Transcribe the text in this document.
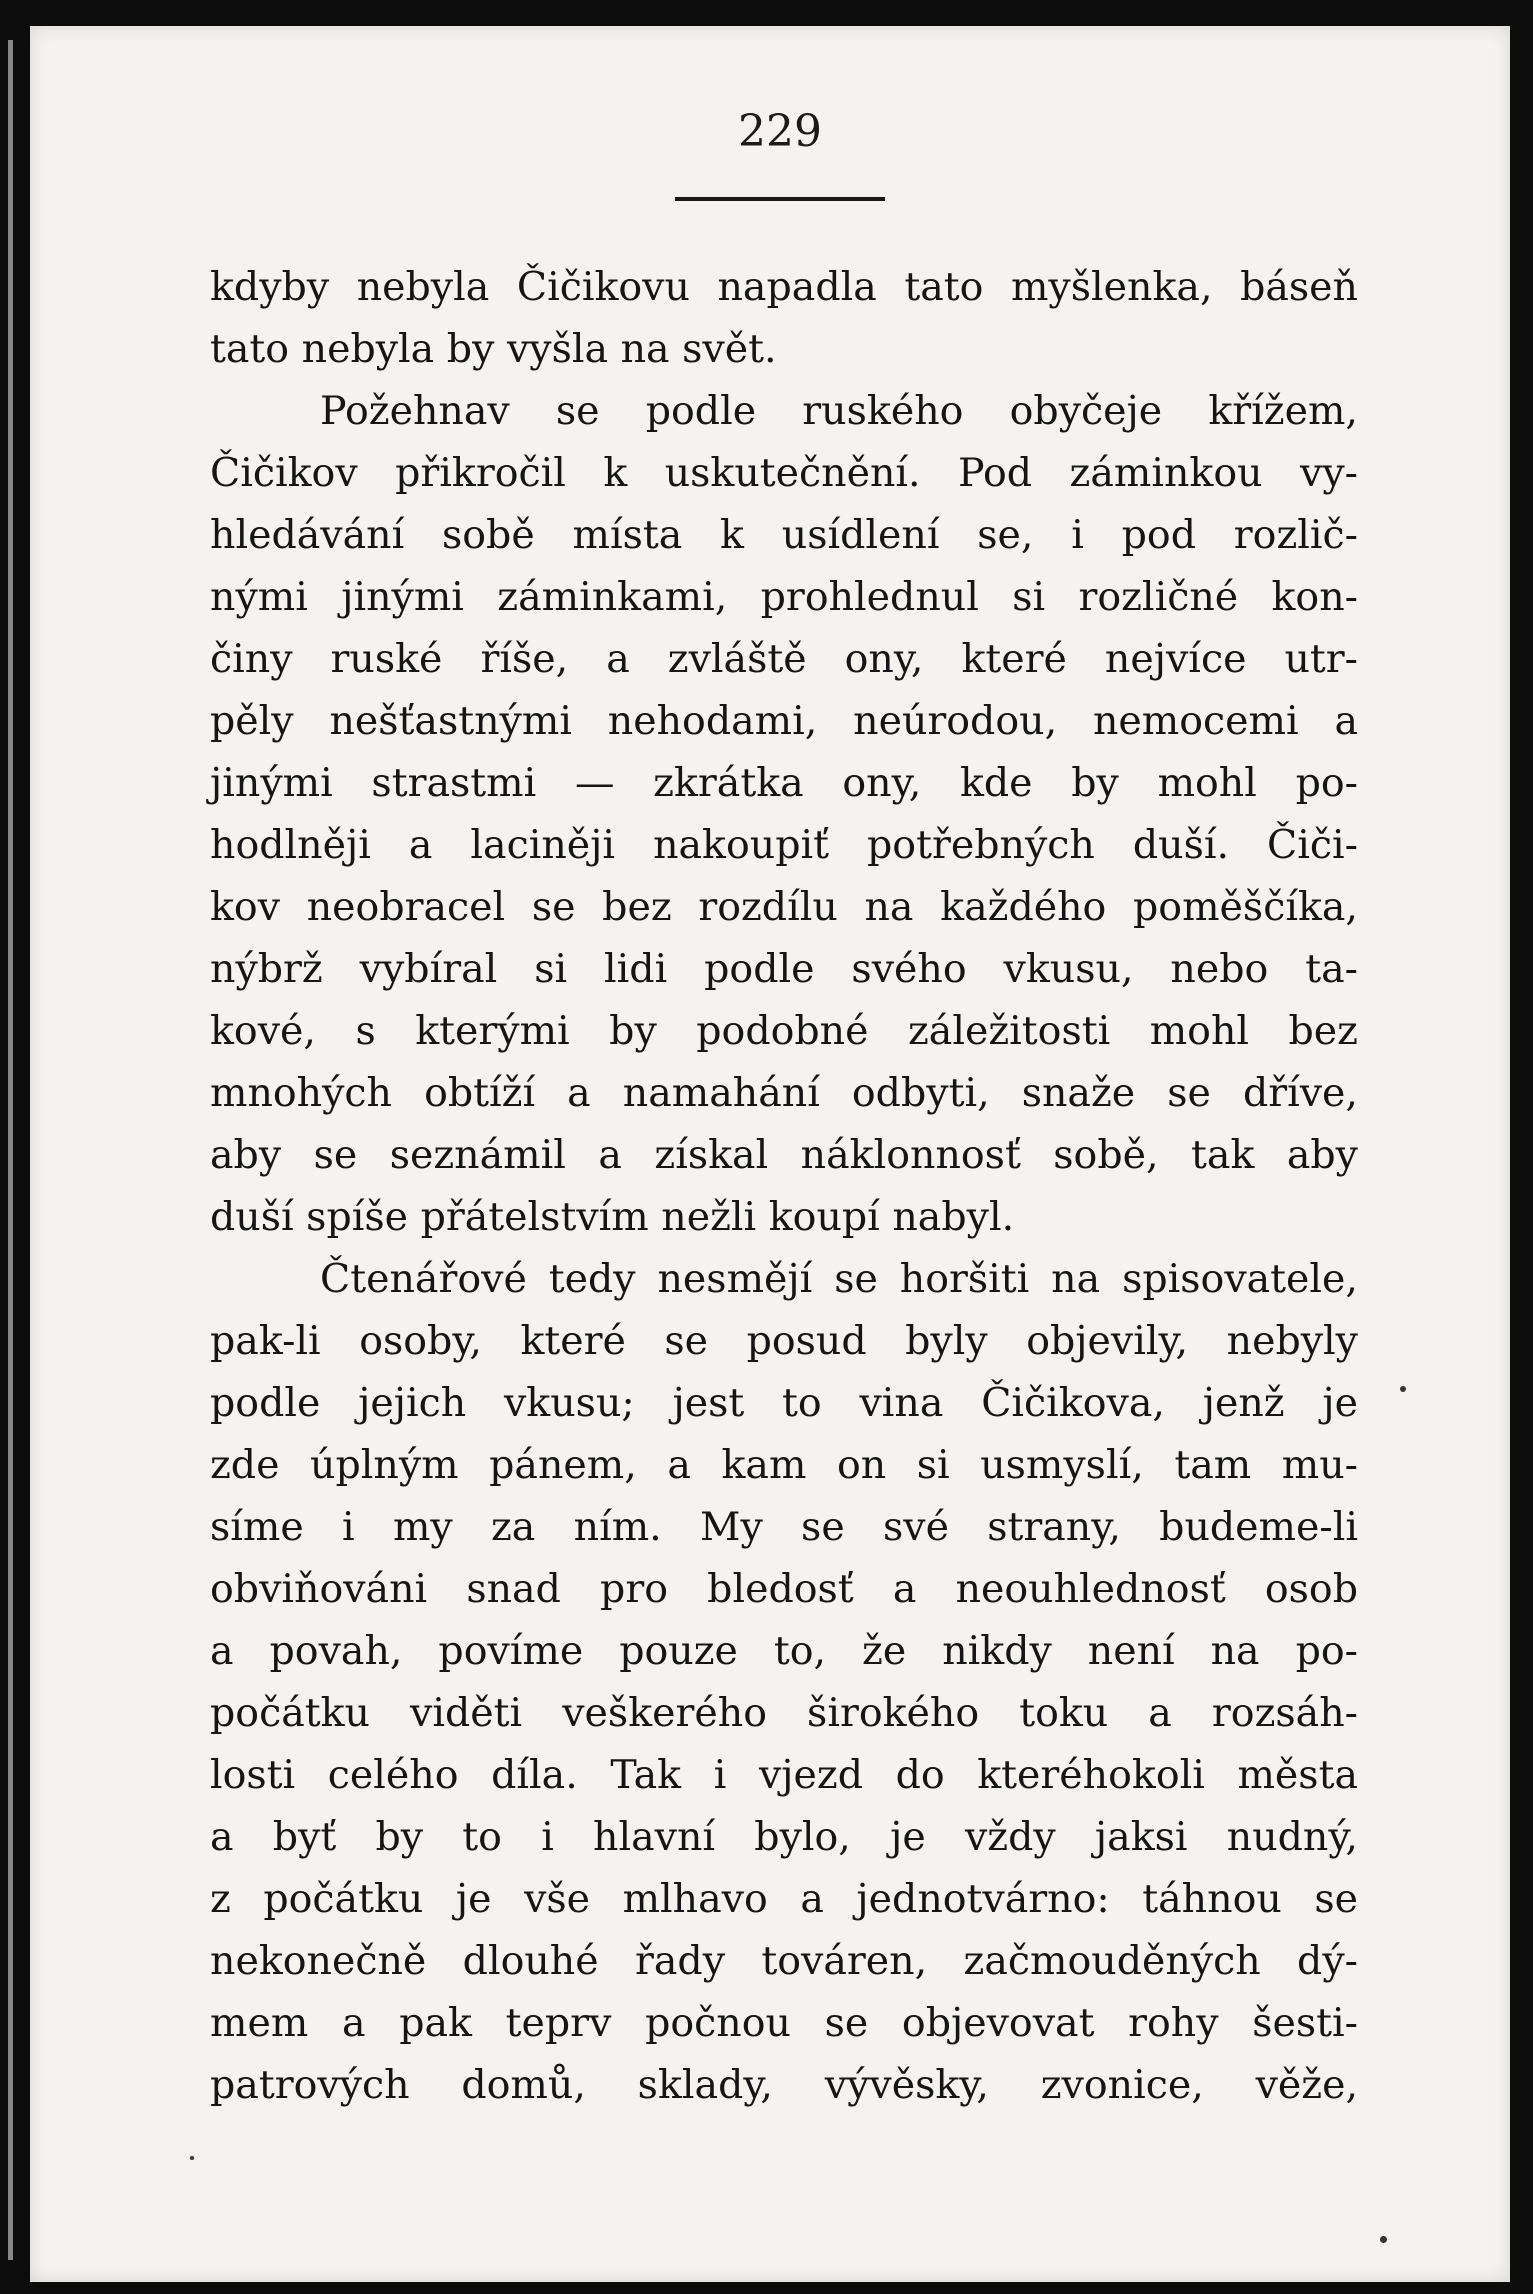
229
kdyby nebyla Čičikovu napadla tato myšlenka, báseň
tato nebyla by vyšla na svět.
Požehnav se podle ruského obyčeje křížem,
Čičikov přikročil k uskutečnění. Pod záminkou vy-
hledávání sobě místa k usídlení se, i pod rozlič-
nými jinými záminkami, prohlednul si rozličné kon-
činy ruské říše, a zvláště ony, které nejvíce utr-
pěly nešťastnými nehodami, neúrodou, nemocemi a
jinými strastmi — zkrátka ony, kde by mohl po-
hodlněji a laciněji nakoupiť potřebných duší. Čiči-
kov neobracel se bez rozdílu na každého poměščíka,
nýbrž vybíral si lidi podle svého vkusu, nebo ta-
kové, s kterými by podobné záležitosti mohl bez
mnohých obtíží a namahání odbyti, snaže se dříve,
aby se seznámil a získal náklonnosť sobě, tak aby
duší spíše přátelstvím nežli koupí nabyl.
Čtenářové tedy nesmějí se horšiti na spisovatele,
pak-li osoby, které se posud byly objevily, nebyly
podle jejich vkusu; jest to vina Čičikova, jenž je
zde úplným pánem, a kam on si usmyslí, tam mu-
síme i my za ním. My se své strany, budeme-li
obviňováni snad pro bledosť a neouhlednosť osob
a povah, povíme pouze to, že nikdy není na po-
počátku viděti veškerého širokého toku a rozsáh-
losti celého díla. Tak i vjezd do kteréhokoli města
a byť by to i hlavní bylo, je vždy jaksi nudný,
z počátku je vše mlhavo a jednotvárno: táhnou se
nekonečně dlouhé řady továren, začmouděných dý-
mem a pak teprv počnou se objevovat rohy šesti-
patrových domů, sklady, vývěsky, zvonice, věže,
